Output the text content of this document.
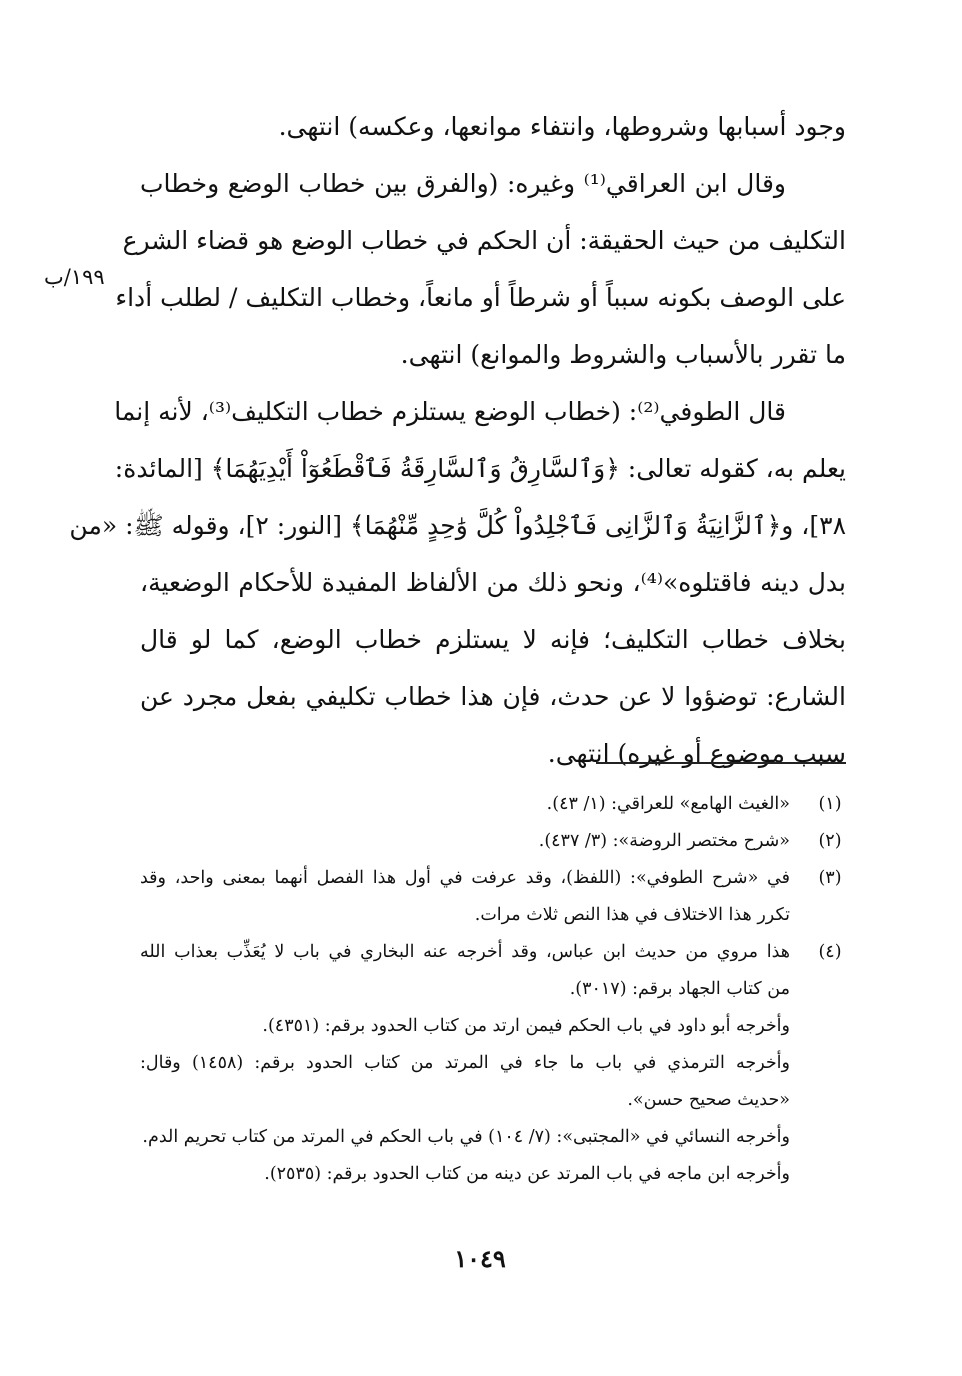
١٩٩/ب
وجود أسبابها وشروطها، وانتفاء موانعها، وعكسه) انتهى.
وقال ابن العراقي⁽¹⁾ وغيره: (والفرق بين خطاب الوضع وخطاب
التكليف من حيث الحقيقة: أن الحكم في خطاب الوضع هو قضاء الشرع
على الوصف بكونه سبباً أو شرطاً أو مانعاً، وخطاب التكليف / لطلب أداء
ما تقرر بالأسباب والشروط والموانع) انتهى.
قال الطوفي⁽²⁾: (خطاب الوضع يستلزم خطاب التكليف⁽³⁾، لأنه إنما
يعلم به، كقوله تعالى: ﴿وَٱلسَّارِقُ وَٱلسَّارِقَةُ فَٱقْطَعُوٓاْ أَيْدِيَهُمَا﴾ [المائدة:
٣٨]، و﴿ٱلزَّانِيَةُ وَٱلزَّانِى فَٱجْلِدُواْ كُلَّ وَٰحِدٍ مِّنْهُمَا﴾ [النور: ٢]، وقوله ﷺ: «من
بدل دينه فاقتلوه»⁽⁴⁾، ونحو ذلك من الألفاظ المفيدة للأحكام الوضعية،
بخلاف خطاب التكليف؛ فإنه لا يستلزم خطاب الوضع، كما لو قال
الشارع: توضؤوا لا عن حدث، فإن هذا خطاب تكليفي بفعل مجرد عن
سبب موضوع أو غيره) انتهى.
(١)
«الغيث الهامع» للعراقي: (١/ ٤٣).
(٢)
«شرح مختصر الروضة»: (٣/ ٤٣٧).
(٣)
في «شرح الطوفي»: (اللفظ)، وقد عرفت في أول هذا الفصل أنهما بمعنى واحد، وقد
تكرر هذا الاختلاف في هذا النص ثلاث مرات.
(٤)
هذا مروي من حديث ابن عباس، وقد أخرجه عنه البخاري في باب لا يُعَذِّب بعذاب الله
من كتاب الجهاد برقم: (٣٠١٧).
وأخرجه أبو داود في باب الحكم فيمن ارتد من كتاب الحدود برقم: (٤٣٥١).
وأخرجه الترمذي في باب ما جاء في المرتد من كتاب الحدود برقم: (١٤٥٨) وقال:
«حديث صحيح حسن».
وأخرجه النسائي في «المجتبى»: (٧/ ١٠٤) في باب الحكم في المرتد من كتاب تحريم الدم.
وأخرجه ابن ماجه في باب المرتد عن دينه من كتاب الحدود برقم: (٢٥٣٥).
١٠٤٩
